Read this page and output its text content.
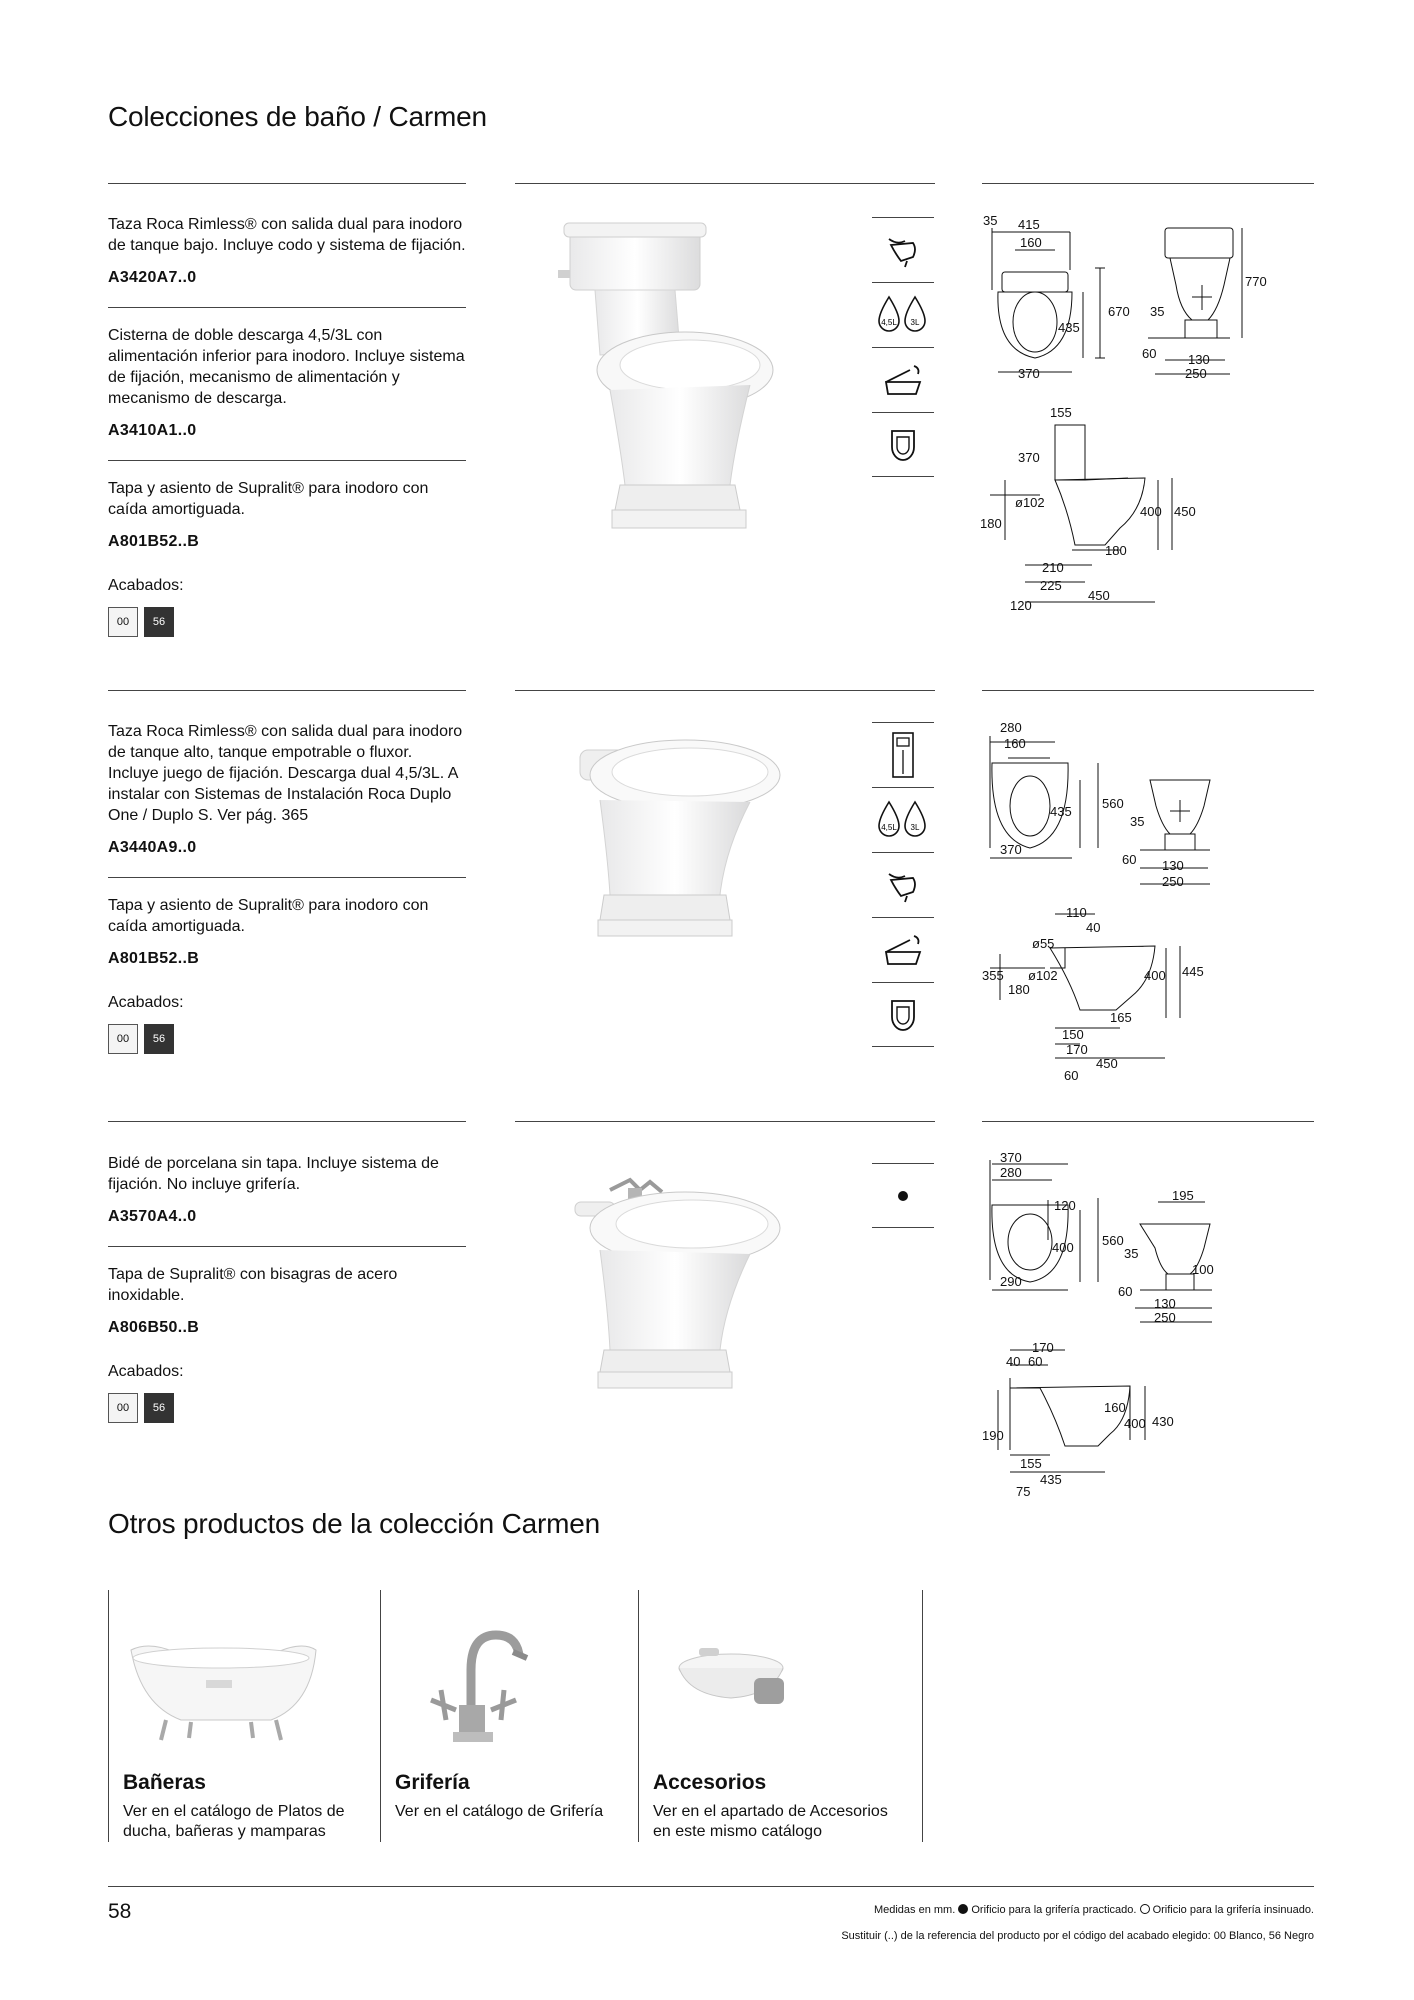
Colecciones de baño / Carmen
Taza Roca Rimless® con salida dual para inodoro de tanque bajo. Incluye codo y sistema de fijación.
A3420A7..0
Cisterna de doble descarga 4,5/3L con alimentación inferior para inodoro. Incluye sistema de fijación, mecanismo de alimentación y mecanismo de descarga.
A3410A1..0
Tapa y asiento de Supralit® para inodoro con caída amortiguada.
A801B52..B
Acabados:
00	56
4,5L 3L
35 415
160
670
435
370
770
35
60 130
250
155
370
ø102
180
400 450
210
180
225
120
450
Taza Roca Rimless® con salida dual para inodoro de tanque alto, tanque empotrable o fluxor. Incluye juego de fijación. Descarga dual 4,5/3L. A instalar con Sistemas de Instalación Roca Duplo One / Duplo S. Ver pág. 365
A3440A9..0
Tapa y asiento de Supralit® para inodoro con caída amortiguada.
A801B52..B
Acabados:
00	56
4,5L 3L
280
160
560
435
370
35
60 130
250
110
40
ø55
355 ø102
180
400 445
165
150
170
450
60
Bidé de porcelana sin tapa. Incluye sistema de fijación. No incluye grifería.
A3570A4..0
Tapa de Supralit® con bisagras de acero inoxidable.
A806B50..B
Acabados:
00	56
370
280
120
560
400
290
195
35
100
60
130
250
170
40 60
160
400 430
190
155
435
75
Otros productos de la colección Carmen
Bañeras
Ver en el catálogo de Platos de
ducha, bañeras y mamparas
Grifería
Ver en el catálogo de Grifería
Accesorios
Ver en el apartado de Accesorios
en este mismo catálogo
58	Medidas en mm. Orificio para la grifería practicado. Orificio para la grifería insinuado.
Sustituir (..) de la referencia del producto por el código del acabado elegido: 00 Blanco, 56 Negro
